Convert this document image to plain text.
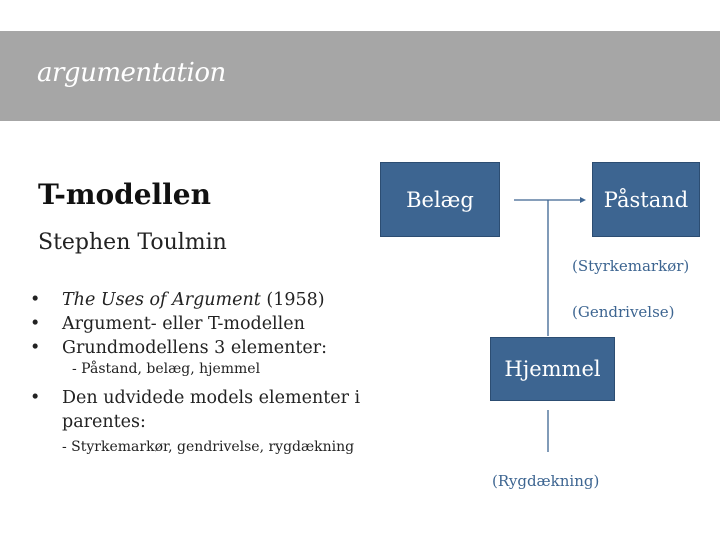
argumentation
T-modellen
Stephen Toulmin
• The Uses of Argument (1958)
• Argument- eller T-modellen
• Grundmodellens 3 elementer:
- Påstand, belæg, hjemmel
• Den udvidede models elementer i parentes:
- Styrkemarkør, gendrivelse, rygdækning
Belæg	Påstand
(Styrkemarkør)
(Gendrivelse)
Hjemmel
(Rygdækning)
